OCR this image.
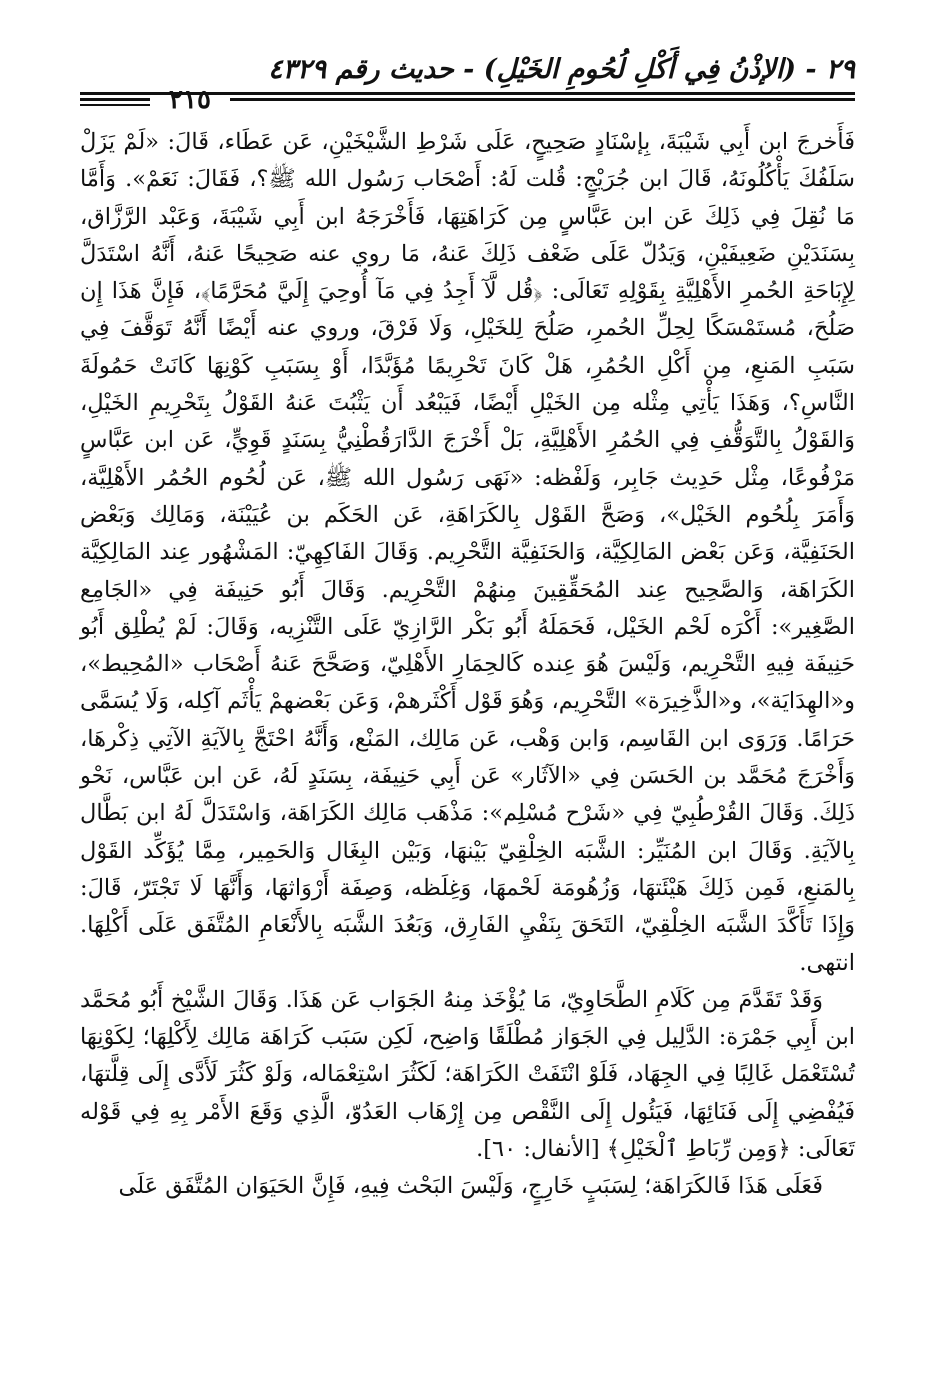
٢٩ - (الإذْنُ فِي أَكْلِ لُحُومِ الخَيْلِ) - حديث رقم ٤٣٢٩
٢١٥

فَأَخرجَ ابن أَبِي شَيْبَةَ، بِإسْنَادٍ صَحِيحٍ، عَلَى شَرْطِ الشَّيْخَيْنِ، عَن عَطَاء، قَالَ: «لَمْ يَزَلْ سَلَفُكَ يَأْكُلُونَهُ، قَالَ ابن جُرَيْجٍ: قُلت لَهُ: أَصْحَاب رَسُول الله ﷺ؟، فَقَالَ: نَعَمْ». وَأَمَّا مَا نُقِلَ فِي ذَلِكَ عَن ابن عَبَّاسٍ مِن كَرَاهَتِهَا، فَأَخْرَجَهُ ابن أَبِي شَيْبَةَ، وَعَبْد الرَّزَّاق، بِسَنَدَيْنِ ضَعِيفَيْنِ، وَيَدُلّ عَلَى ضَعْف ذَلِكَ عَنهُ، مَا روي عنه صَحِيحًا عَنهُ، أَنَّهُ اسْتَدَلَّ لِإِبَاحَةِ الحُمرِ الأَهْلِيَّةِ بِقَوْلِهِ تَعَالَى: ﴿قُل لَّآ أَجِدُ فِي مَآ أُوحِيَ إِلَيَّ مُحَرَّمًا﴾، فَإِنَّ هَذَا إِن صَلُحَ، مُستَمْسَكًا لِحِلِّ الحُمرِ، صَلُحَ لِلخَيْلِ، وَلَا فَرْقَ، وروي عنه أَيْضًا أَنَّهُ تَوَقَّفَ فِي سَبَبِ المَنعِ، مِن أَكْلِ الحُمُرِ، هَلْ كَانَ تَحْرِيمًا مُؤَبَّدًا، أَوْ بِسَبَبِ كَوْنِهَا كَانَتْ حَمُولَةَ النَّاسِ؟، وَهَذَا يَأْتِي مِثْله مِن الخَيْلِ أَيْضًا، فَيَبْعُد أَن يَثْبُتَ عَنهُ القَوْلُ بِتَحْرِيمِ الخَيْلِ، وَالقَوْلُ بِالتَّوَقُّفِ فِي الحُمُرِ الأَهْلِيَّةِ، بَلْ أَخْرَجَ الدَّارَقُطْنِيُّ بِسَنَدٍ قَوِيٍّ، عَن ابن عَبَّاسٍ مَرْفُوعًا، مِثْل حَدِيث جَابِر، وَلَفْظه: «نَهَى رَسُول الله ﷺ، عَن لُحُوم الحُمُر الأَهْلِيَّة، وَأَمَرَ بِلُحُوم الخَيْل»، وَصَحَّ القَوْل بِالكَرَاهَةِ، عَن الحَكَم بن عُيَيْنَة، وَمَالِك وَبَعْض الحَنَفِيَّة، وَعَن بَعْض المَالِكِيَّة، وَالحَنَفِيَّة التَّحْرِيم. وَقَالَ الفَاكِهِيّ: المَشْهُور عِند المَالِكِيَّة الكَرَاهَة، وَالصَّحِيح عِند المُحَقِّقِينَ مِنهُمْ التَّحْرِيم. وَقَالَ أَبُو حَنِيفَة فِي «الجَامِع الصَّغِير»: أَكْرَه لَحْم الخَيْل، فَحَمَلَهُ أَبُو بَكْر الرَّازِيّ عَلَى التَّنْزِيه، وَقَالَ: لَمْ يُطْلِق أَبُو حَنِيفَة فِيهِ التَّحْرِيم، وَلَيْسَ هُوَ عِنده كَالحِمَارِ الأَهْلِيّ، وَصَحَّحَ عَنهُ أَصْحَاب «المُحِيط»، و«الهِدَايَة»، و«الذَّخِيرَة» التَّحْرِيم، وَهُوَ قَوْل أَكْثَرهمْ، وَعَن بَعْضهمْ يَأْثَم آكِله، وَلَا يُسَمَّى حَرَامًا. وَرَوَى ابن القَاسِم، وَابن وَهْب، عَن مَالِك، المَنْع، وَأَنَّهُ احْتَجَّ بِالآيَةِ الآتِي ذِكْرهَا، وَأَخْرَجَ مُحَمَّد بن الحَسَن فِي «الآثَار» عَن أَبِي حَنِيفَة، بِسَنَدٍ لَهُ، عَن ابن عَبَّاس، نَحْو ذَلِكَ. وَقَالَ القُرْطُبِيّ فِي «شَرْح مُسْلِم»: مَذْهَب مَالِك الكَرَاهَة، وَاسْتَدَلَّ لَهُ ابن بَطَّال بِالآيَةِ. وَقَالَ ابن المُنَيِّر: الشَّبَه الخِلْقِيّ بَيْنهَا، وَبَيْن البِغَال وَالحَمِير، مِمَّا يُؤَكِّد القَوْل بِالمَنعِ، فَمِن ذَلِكَ هَيْئَتهَا، وَزُهُومَة لَحْمهَا، وَغِلَظه، وَصِفَة أَرْوَاثهَا، وَأَنَّهَا لَا تَجْتَرّ، قَالَ: وَإِذَا تَأَكَّدَ الشَّبَه الخِلْقِيّ، التَحَقَ بِنَفْيِ الفَارِق، وَبَعُدَ الشَّبَه بِالأَنْعَامِ المُتَّفَق عَلَى أَكْلِهَا. انتهى.

وَقَدْ تَقَدَّمَ مِن كَلَامِ الطَّحَاوِيّ، مَا يُؤْخَذ مِنهُ الجَوَاب عَن هَذَا. وَقَالَ الشَّيْخ أَبُو مُحَمَّد ابن أَبِي جَمْرَة: الدَّلِيل فِي الجَوَاز مُطْلَقًا وَاضِح، لَكِن سَبَب كَرَاهَة مَالِك لِأَكْلِهَا؛ لِكَوْنِهَا تُسْتَعْمَل غَالِبًا فِي الجِهَاد، فَلَوْ انْتَفَتْ الكَرَاهَة؛ لَكَثُرَ اسْتِعْمَاله، وَلَوْ كَثُرَ لَأَدَّى إِلَى قِلَّتهَا، فَيُفْضِي إِلَى فَنَائِهَا، فَيَئُول إِلَى النَّقْص مِن إِرْهَاب العَدُوّ، الَّذِي وَقَعَ الأَمْر بِهِ فِي قَوْله تَعَالَى: ﴿وَمِن رِّبَاطِ ٱلْخَيْلِ﴾ [الأنفال: ٦٠].

فَعَلَى هَذَا فَالكَرَاهَة؛ لِسَبَبٍ خَارِجٍ، وَلَيْسَ البَحْث فِيهِ، فَإِنَّ الحَيَوَان المُتَّفَق عَلَى
